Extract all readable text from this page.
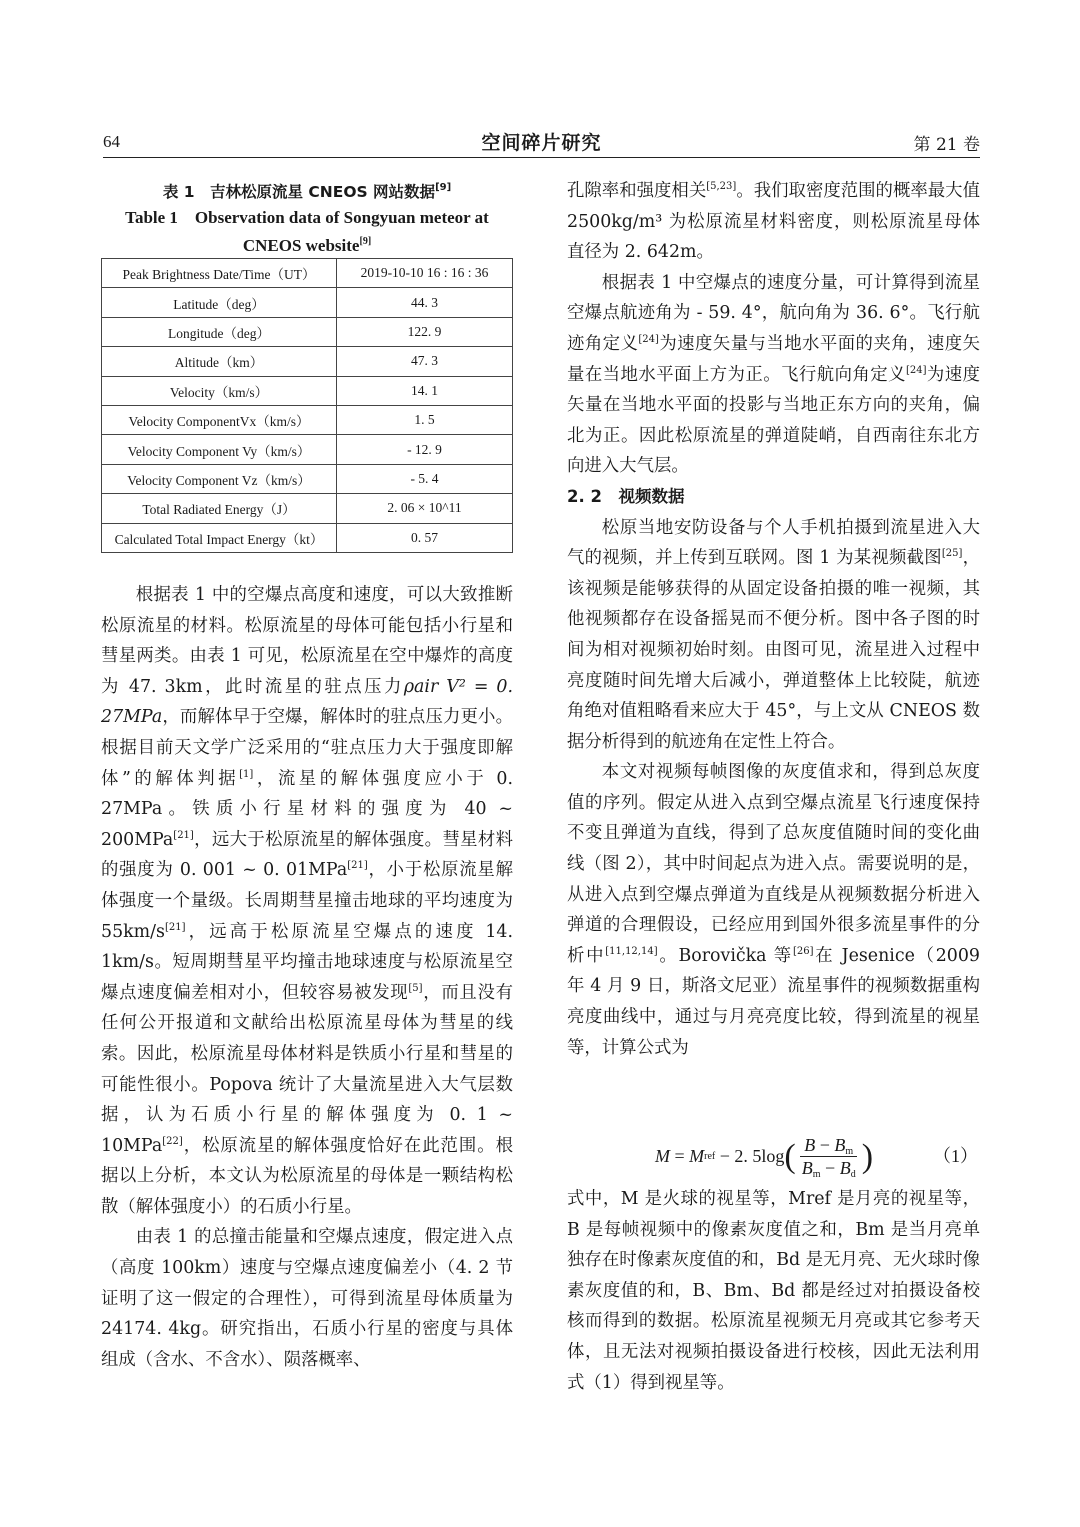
64	空间碎片研究	第 21 卷
表 1　吉林松原流星 CNEOS 网站数据[9]
Table 1　Observation data of Songyuan meteor at
CNEOS website[9]
Peak Brightness Date/Time（UT）	2019-10-10 16 : 16 : 36
Latitude（deg）	44. 3
Longitude（deg）	122. 9
Altitude（km）	47. 3
Velocity（km/s）	14. 1
Velocity ComponentVx（km/s）	1. 5
Velocity Component Vy（km/s）	- 12. 9
Velocity Component Vz（km/s）	- 5. 4
Total Radiated Energy（J）	2. 06 × 10^11
Calculated Total Impact Energy（kt）	0. 57

根据表 1 中的空爆点高度和速度，可以大致推断松原流星的材料。松原流星的母体可能包括小行星和彗星两类。由表 1 可见，松原流星在空中爆炸的高度为 47. 3km，此时流星的驻点压力ρair V² = 0. 27MPa，而解体早于空爆，解体时的驻点压力更小。根据目前天文学广泛采用的“驻点压力大于强度即解体”的解体判据[1]，流星的解体强度应小于 0. 27MPa。铁质小行星材料的强度为 40 ~ 200MPa[21]，远大于松原流星的解体强度。彗星材料的强度为 0. 001 ~ 0. 01MPa[21]，小于松原流星解体强度一个量级。长周期彗星撞击地球的平均速度为 55km/s[21]，远高于松原流星空爆点的速度 14. 1km/s。短周期彗星平均撞击地球速度与松原流星空爆点速度偏差相对小，但较容易被发现[5]，而且没有任何公开报道和文献给出松原流星母体为彗星的线索。因此，松原流星母体材料是铁质小行星和彗星的可能性很小。Popova 统计了大量流星进入大气层数据，认为石质小行星的解体强度为 0. 1 ~ 10MPa[22]，松原流星的解体强度恰好在此范围。根据以上分析，本文认为松原流星的母体是一颗结构松散（解体强度小）的石质小行星。

由表 1 的总撞击能量和空爆点速度，假定进入点（高度 100km）速度与空爆点速度偏差小（4. 2 节证明了这一假定的合理性），可得到流星母体质量为 24174. 4kg。研究指出，石质小行星的密度与具体组成（含水、不含水）、陨落概率、

孔隙率和强度相关[5,23]。我们取密度范围的概率最大值 2500kg/m³ 为松原流星材料密度，则松原流星母体直径为 2. 642m。

根据表 1 中空爆点的速度分量，可计算得到流星空爆点航迹角为 - 59. 4°，航向角为 36. 6°。飞行航迹角定义[24]为速度矢量与当地水平面的夹角，速度矢量在当地水平面上方为正。飞行航向角定义[24]为速度矢量在当地水平面的投影与当地正东方向的夹角，偏北为正。因此松原流星的弹道陡峭，自西南往东北方向进入大气层。

2. 2　视频数据

松原当地安防设备与个人手机拍摄到流星进入大气的视频，并上传到互联网。图 1 为某视频截图[25]，该视频是能够获得的从固定设备拍摄的唯一视频，其他视频都存在设备摇晃而不便分析。图中各子图的时间为相对视频初始时刻。由图可见，流星进入过程中亮度随时间先增大后减小，弹道整体上比较陡，航迹角绝对值粗略看来应大于 45°，与上文从 CNEOS 数据分析得到的航迹角在定性上符合。

本文对视频每帧图像的灰度值求和，得到总灰度值的序列。假定从进入点到空爆点流星飞行速度保持不变且弹道为直线，得到了总灰度值随时间的变化曲线（图 2），其中时间起点为进入点。需要说明的是，从进入点到空爆点弹道为直线是从视频数据分析进入弹道的合理假设，已经应用到国外很多流星事件的分析中[11,12,14]。Borovička 等[26]在 Jesenice（2009 年 4 月 9 日，斯洛文尼亚）流星事件的视频数据重构亮度曲线中，通过与月亮亮度比较，得到流星的视星等，计算公式为

M = M ref − 2. 5log ( $\frac{B - B_m}{B_m - B_d}$ )	（1）

式中，M 是火球的视星等，Mref 是月亮的视星等，B 是每帧视频中的像素灰度值之和，Bm 是当月亮单独存在时像素灰度值的和，Bd 是无月亮、无火球时像素灰度值的和，B、Bm、Bd 都是经过对拍摄设备校核而得到的数据。松原流星视频无月亮或其它参考天体，且无法对视频拍摄设备进行校核，因此无法利用式（1）得到视星等。
